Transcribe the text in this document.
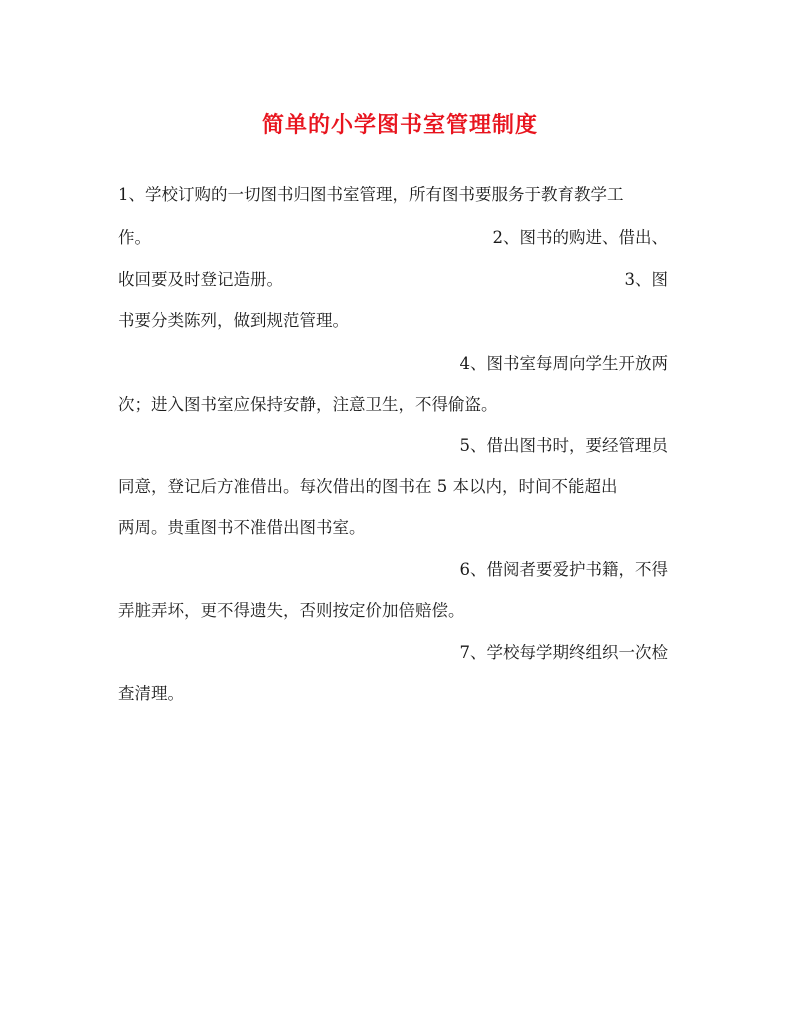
简单的小学图书室管理制度
1、学校订购的一切图书归图书室管理，所有图书要服务于教育教学工
作。	2、图书的购进、借出、
收回要及时登记造册。	3、图
书要分类陈列，做到规范管理。
4、图书室每周向学生开放两
次；进入图书室应保持安静，注意卫生，不得偷盗。
5、借出图书时，要经管理员
同意，登记后方准借出。每次借出的图书在 5 本以内，时间不能超出
两周。贵重图书不准借出图书室。
6、借阅者要爱护书籍，不得
弄脏弄坏，更不得遗失，否则按定价加倍赔偿。
7、学校每学期终组织一次检
查清理。
